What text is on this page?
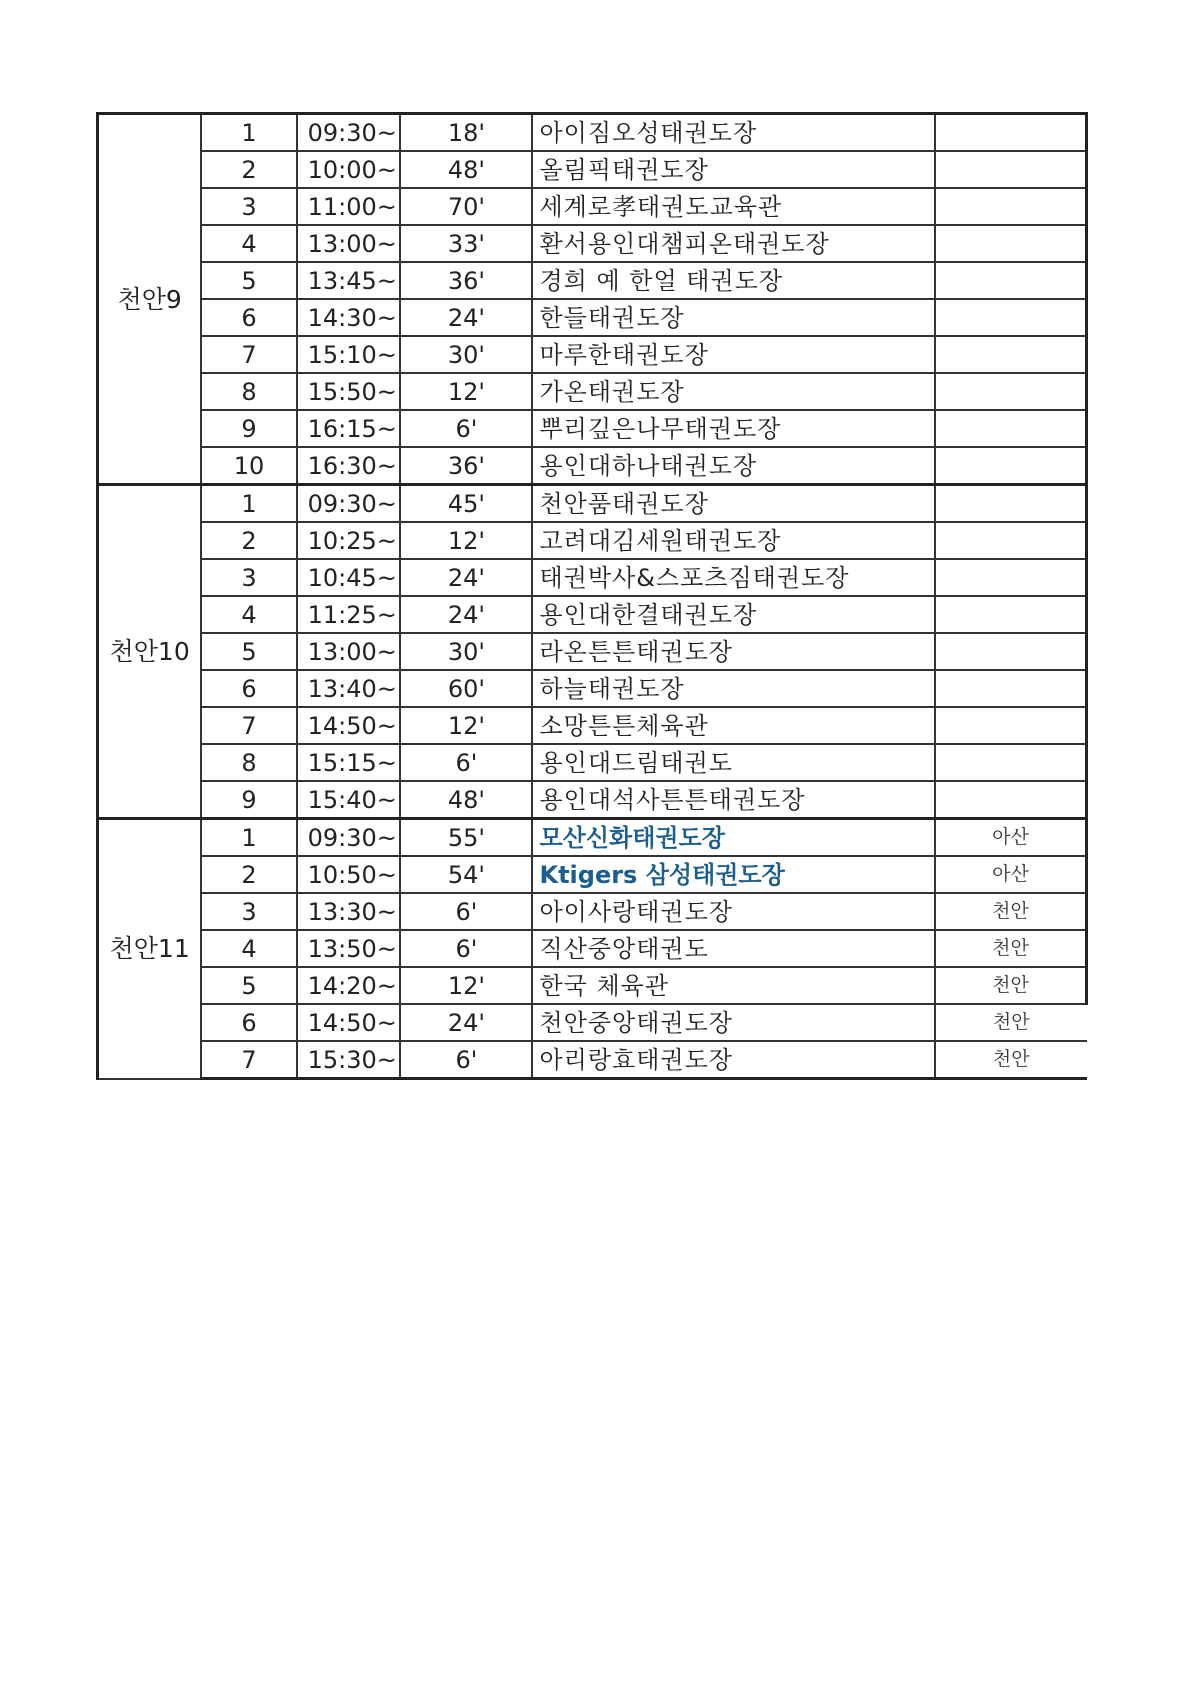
천안9	1	09:30~	18'	아이짐오성태권도장	
	2	10:00~	48'	올림픽태권도장	
	3	11:00~	70'	세계로孝태권도교육관	
	4	13:00~	33'	환서용인대챔피온태권도장	
	5	13:45~	36'	경희 예 한얼 태권도장	
	6	14:30~	24'	한들태권도장	
	7	15:10~	30'	마루한태권도장	
	8	15:50~	12'	가온태권도장	
	9	16:15~	6'	뿌리깊은나무태권도장	
	10	16:30~	36'	용인대하나태권도장	
천안10	1	09:30~	45'	천안품태권도장	
	2	10:25~	12'	고려대김세원태권도장	
	3	10:45~	24'	태권박사&스포츠짐태권도장	
	4	11:25~	24'	용인대한결태권도장	
	5	13:00~	30'	라온튼튼태권도장	
	6	13:40~	60'	하늘태권도장	
	7	14:50~	12'	소망튼튼체육관	
	8	15:15~	6'	용인대드림태권도	
	9	15:40~	48'	용인대석사튼튼태권도장	
천안11	1	09:30~	55'	모산신화태권도장	아산
	2	10:50~	54'	Ktigers 삼성태권도장	아산
	3	13:30~	6'	아이사랑태권도장	천안
	4	13:50~	6'	직산중앙태권도	천안
	5	14:20~	12'	한국 체육관	천안
	6	14:50~	24'	천안중앙태권도장	천안
	7	15:30~	6'	아리랑효태권도장	천안
